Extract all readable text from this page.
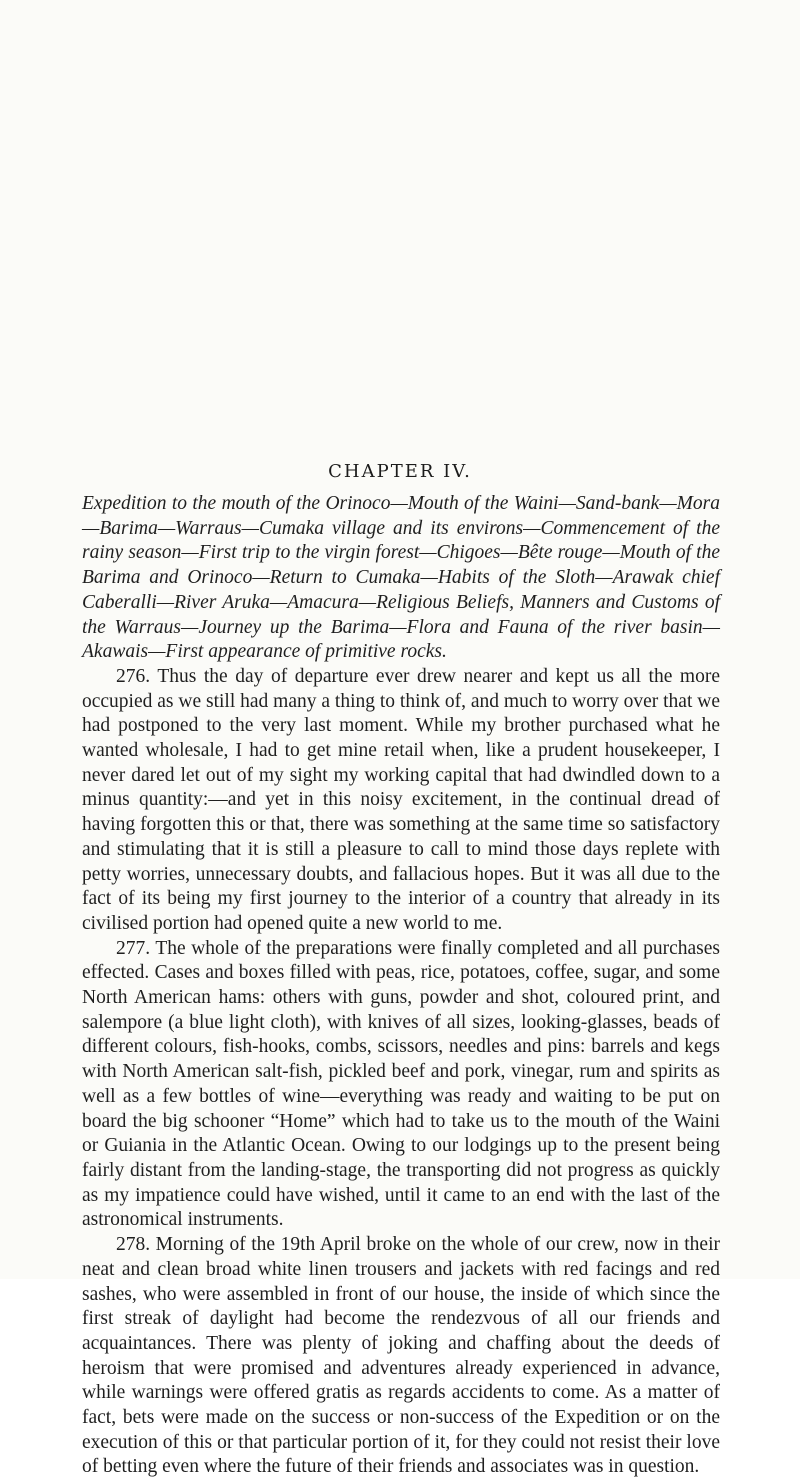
CHAPTER IV.

Expedition to the mouth of the Orinoco—Mouth of the Waini—Sand-bank—Mora—Barima—Warraus—Cumaka village and its environs—Commencement of the rainy season—First trip to the virgin forest—Chigoes—Bête rouge—Mouth of the Barima and Orinoco—Return to Cumaka—Habits of the Sloth—Arawak chief Caberalli—River Aruka—Amacura—Religious Beliefs, Manners and Customs of the Warraus—Journey up the Barima—Flora and Fauna of the river basin—Akawais—First appearance of primitive rocks.

276. Thus the day of departure ever drew nearer and kept us all the more occupied as we still had many a thing to think of, and much to worry over that we had postponed to the very last moment. While my brother purchased what he wanted wholesale, I had to get mine retail when, like a prudent housekeeper, I never dared let out of my sight my working capital that had dwindled down to a minus quantity:—and yet in this noisy excitement, in the continual dread of having forgotten this or that, there was something at the same time so satisfactory and stimulating that it is still a pleasure to call to mind those days replete with petty worries, unnecessary doubts, and fallacious hopes. But it was all due to the fact of its being my first journey to the interior of a country that already in its civilised portion had opened quite a new world to me.

277. The whole of the preparations were finally completed and all purchases effected. Cases and boxes filled with peas, rice, potatoes, coffee, sugar, and some North American hams: others with guns, powder and shot, coloured print, and salempore (a blue light cloth), with knives of all sizes, looking-glasses, beads of different colours, fish-hooks, combs, scissors, needles and pins: barrels and kegs with North American salt-fish, pickled beef and pork, vinegar, rum and spirits as well as a few bottles of wine—everything was ready and waiting to be put on board the big schooner “Home” which had to take us to the mouth of the Waini or Guiania in the Atlantic Ocean. Owing to our lodgings up to the present being fairly distant from the landing-stage, the transporting did not progress as quickly as my impatience could have wished, until it came to an end with the last of the astronomical instruments.

278. Morning of the 19th April broke on the whole of our crew, now in their neat and clean broad white linen trousers and jackets with red facings and red sashes, who were assembled in front of our house, the inside of which since the first streak of daylight had become the rendezvous of all our friends and acquaintances. There was plenty of joking and chaffing about the deeds of heroism that were promised and adventures already experienced in advance, while warnings were offered gratis as regards accidents to come. As a matter of fact, bets were made on the success or non-success of the Expedition or on the execution of this or that particular portion of it, for they could not resist their love of betting even where the future of their friends and associates was in question.
